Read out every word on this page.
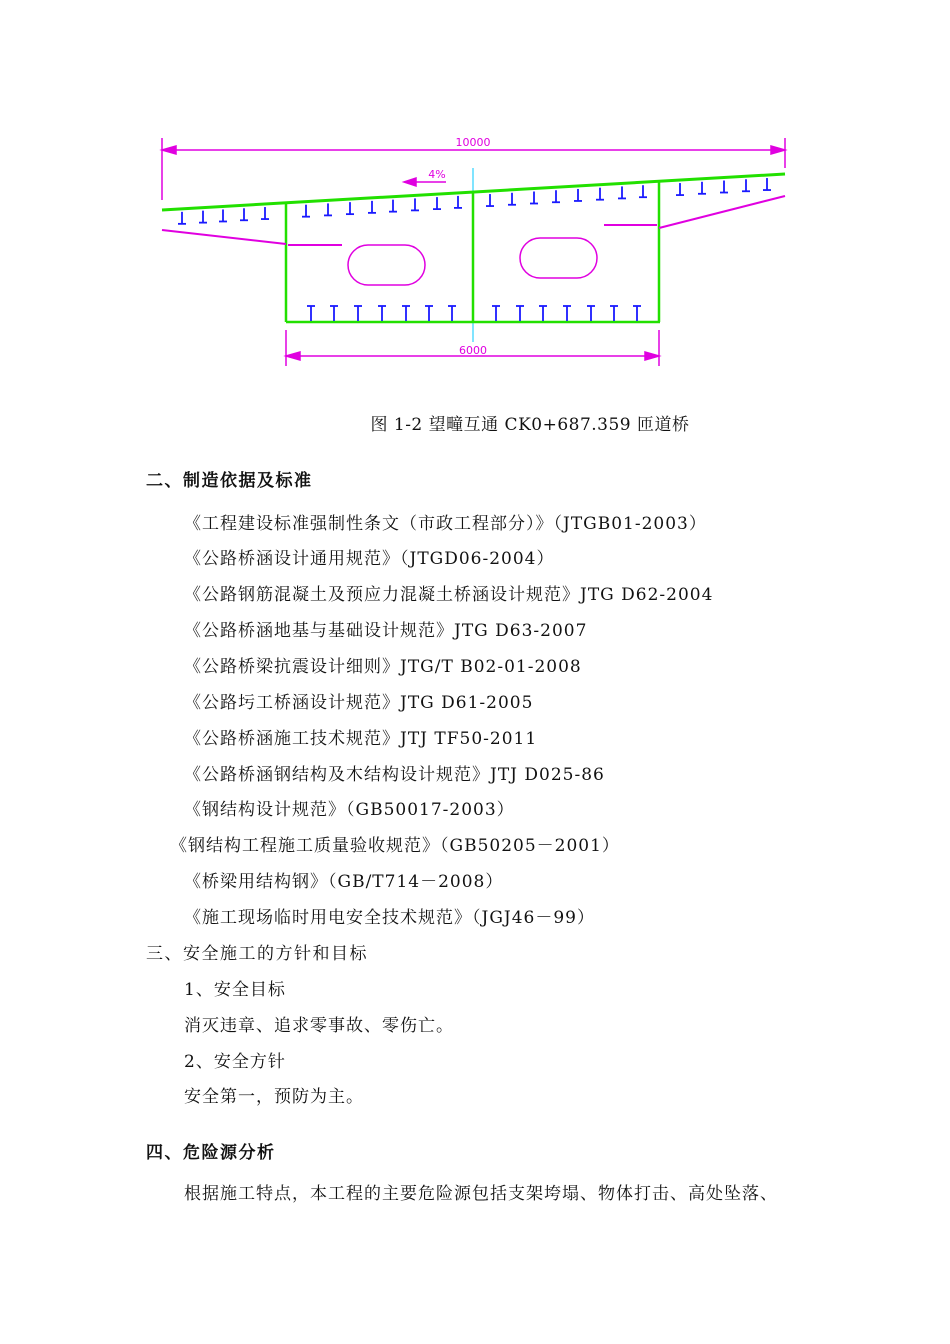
10000
4%
6000
图 1-2 望疃互通 CK0+687.359 匝道桥
二、制造依据及标准
《工程建设标准强制性条文（市政工程部分）》（JTGB01-2003）
《公路桥涵设计通用规范》（JTGD06-2004）
《公路钢筋混凝土及预应力混凝土桥涵设计规范》JTG D62-2004
《公路桥涵地基与基础设计规范》JTG D63-2007
《公路桥梁抗震设计细则》JTG/T B02-01-2008
《公路圬工桥涵设计规范》JTG D61-2005
《公路桥涵施工技术规范》JTJ TF50-2011
《公路桥涵钢结构及木结构设计规范》JTJ D025-86
《钢结构设计规范》（GB50017-2003）
《钢结构工程施工质量验收规范》（GB50205－2001）
《桥梁用结构钢》（GB/T714－2008）
《施工现场临时用电安全技术规范》（JGJ46－99）
三、安全施工的方针和目标
1、安全目标
消灭违章、追求零事故、零伤亡。
2、安全方针
安全第一，预防为主。
四、危险源分析
根据施工特点，本工程的主要危险源包括支架垮塌、物体打击、高处坠落、
